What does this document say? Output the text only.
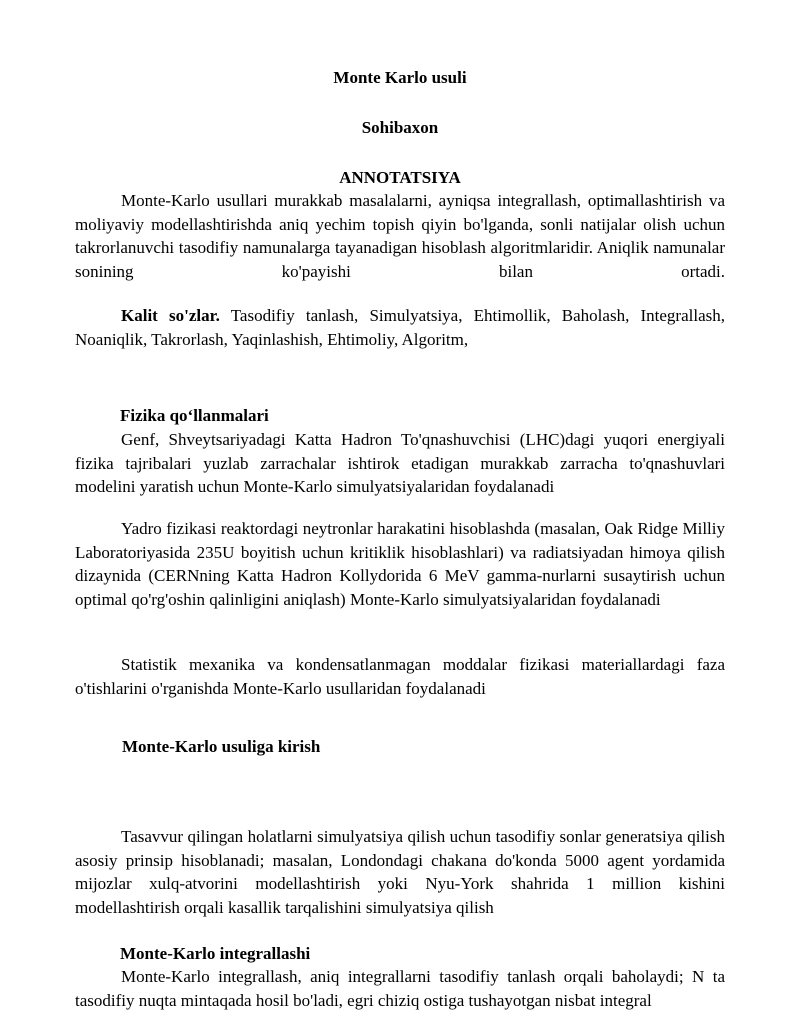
Monte Karlo usuli
Sohibaxon
ANNOTATSIYA
Monte-Karlo usullari murakkab masalalarni, ayniqsa integrallash, optimallashtirish va moliyaviy modellashtirishda aniq yechim topish qiyin bo'lganda, sonli natijalar olish uchun takrorlanuvchi tasodifiy namunalarga tayanadigan hisoblash algoritmlaridir. Aniqlik namunalar sonining ko'payishi bilan ortadi.
Kalit so'zlar. Tasodifiy tanlash, Simulyatsiya, Ehtimollik, Baholash, Integrallash, Noaniqlik, Takrorlash, Yaqinlashish, Ehtimoliy, Algoritm,
Fizika qo‘llanmalari
Genf, Shveytsariyadagi Katta Hadron To'qnashuvchisi (LHC)dagi yuqori energiyali fizika tajribalari yuzlab zarrachalar ishtirok etadigan murakkab zarracha to'qnashuvlari modelini yaratish uchun Monte-Karlo simulyatsiyalaridan foydalanadi
Yadro fizikasi reaktordagi neytronlar harakatini hisoblashda (masalan, Oak Ridge Milliy Laboratoriyasida 235U boyitish uchun kritiklik hisoblashlari) va radiatsiyadan himoya qilish dizaynida (CERNning Katta Hadron Kollydorida 6 MeV gamma-nurlarni susaytirish uchun optimal qo'rg'oshin qalinligini aniqlash) Monte-Karlo simulyatsiyalaridan foydalanadi
Statistik mexanika va kondensatlanmagan moddalar fizikasi materiallardagi faza o'tishlarini o'rganishda Monte-Karlo usullaridan foydalanadi
Monte-Karlo usuliga kirish
Tasavvur qilingan holatlarni simulyatsiya qilish uchun tasodifiy sonlar generatsiya qilish asosiy prinsip hisoblanadi; masalan, Londondagi chakana do'konda 5000 agent yordamida mijozlar xulq-atvorini modellashtirish yoki Nyu-York shahrida 1 million kishini modellashtirish orqali kasallik tarqalishini simulyatsiya qilish
Monte-Karlo integrallashi
Monte-Karlo integrallash, aniq integrallarni tasodifiy tanlash orqali baholaydi; N ta tasodifiy nuqta mintaqada hosil bo'ladi, egri chiziq ostiga tushayotgan nisbat integral
